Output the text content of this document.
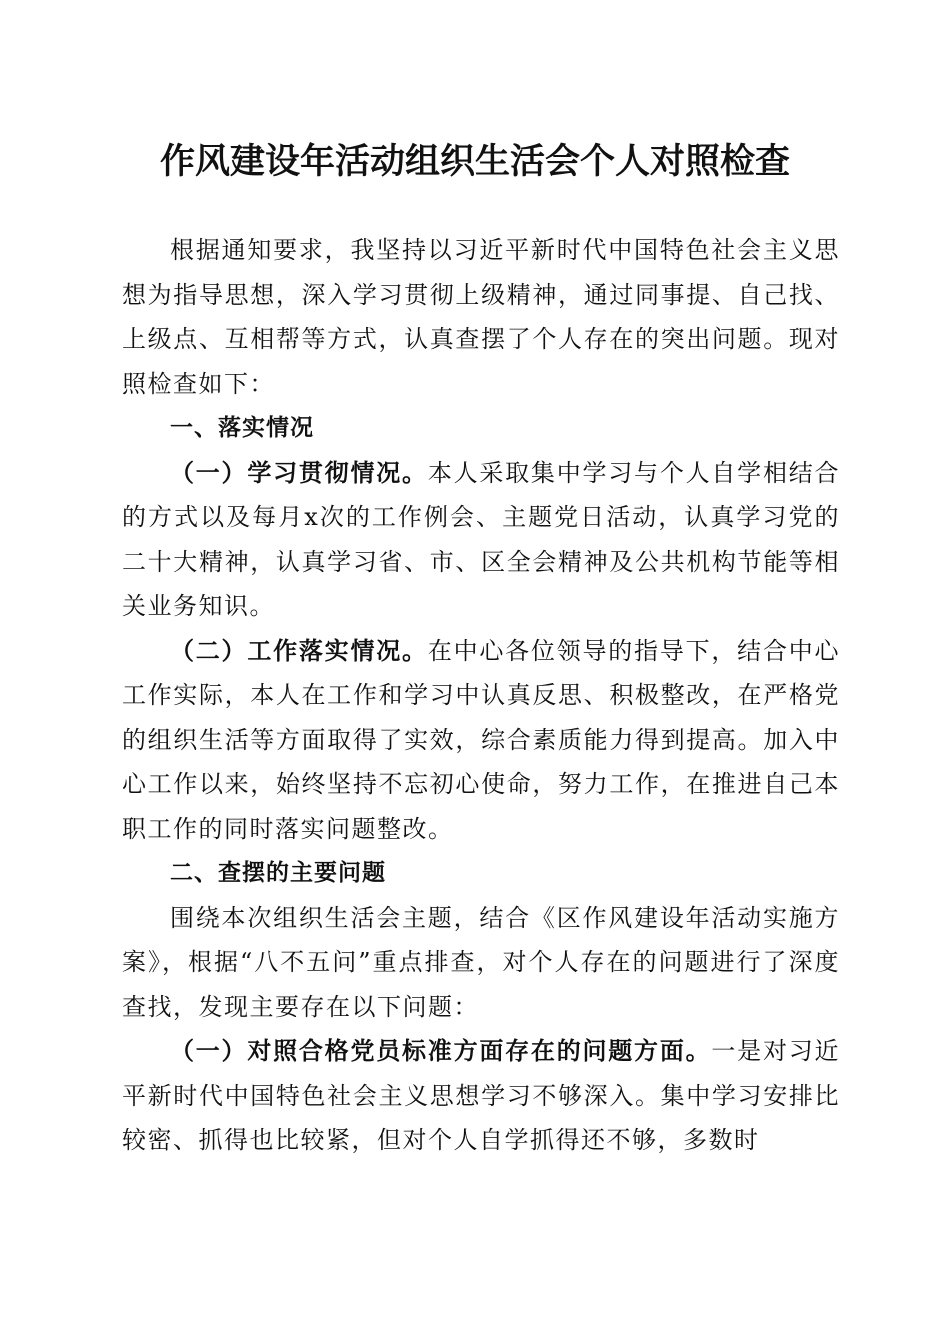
作风建设年活动组织生活会个人对照检查

根据通知要求，我坚持以习近平新时代中国特色社会主义思想为指导思想，深入学习贯彻上级精神，通过同事提、自己找、上级点、互相帮等方式，认真查摆了个人存在的突出问题。现对照检查如下：

一、落实情况

（一）学习贯彻情况。本人采取集中学习与个人自学相结合的方式以及每月x次的工作例会、主题党日活动，认真学习党的二十大精神，认真学习省、市、区全会精神及公共机构节能等相关业务知识。

（二）工作落实情况。在中心各位领导的指导下，结合中心工作实际，本人在工作和学习中认真反思、积极整改，在严格党的组织生活等方面取得了实效，综合素质能力得到提高。加入中心工作以来，始终坚持不忘初心使命，努力工作，在推进自己本职工作的同时落实问题整改。

二、查摆的主要问题

围绕本次组织生活会主题，结合《区作风建设年活动实施方案》，根据“八不五问”重点排查，对个人存在的问题进行了深度查找，发现主要存在以下问题：

（一）对照合格党员标准方面存在的问题方面。一是对习近平新时代中国特色社会主义思想学习不够深入。集中学习安排比较密、抓得也比较紧，但对个人自学抓得还不够，多数时
